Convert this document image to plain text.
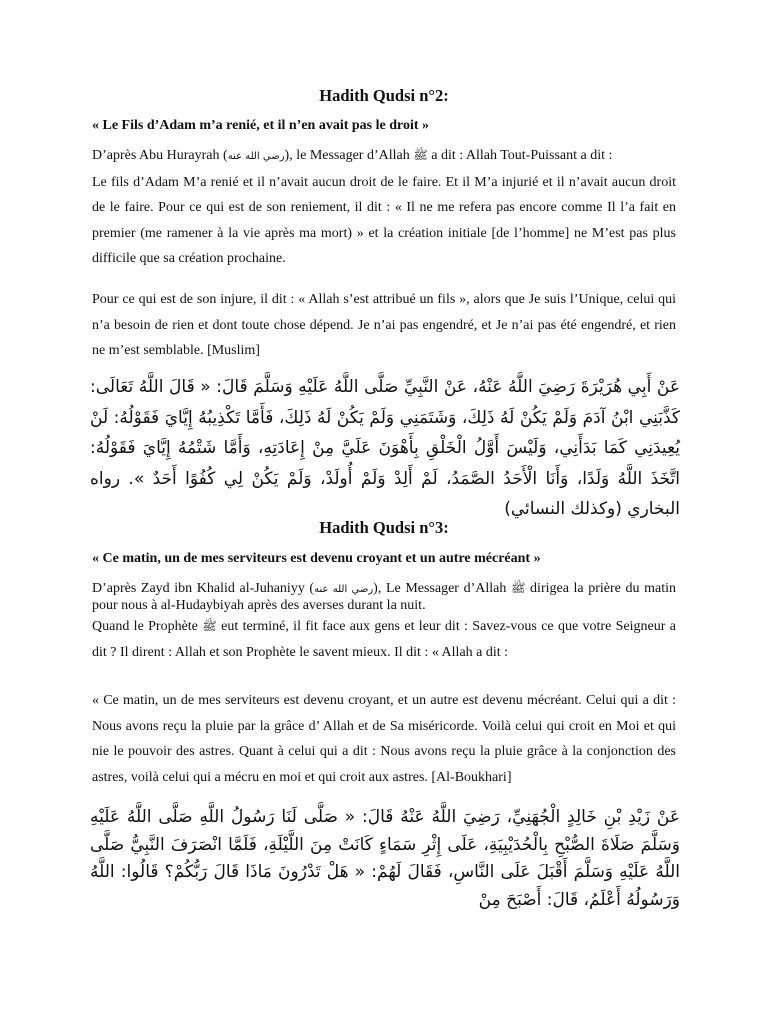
Hadith Qudsi n°2:
« Le Fils d’Adam m’a renié, et il n’en avait pas le droit »
D’après Abu Hurayrah (رضي الله عنه), le Messager d’Allah ﷺ a dit : Allah Tout-Puissant a dit :
Le fils d’Adam M’a renié et il n’avait aucun droit de le faire. Et il M’a injurié et il n’avait aucun droit de le faire. Pour ce qui est de son reniement, il dit : « Il ne me refera pas encore comme Il l’a fait en premier (me ramener à la vie après ma mort) » et la création initiale [de l’homme] ne M’est pas plus difficile que sa création prochaine.
Pour ce qui est de son injure, il dit : « Allah s’est attribué un fils », alors que Je suis l’Unique, celui qui n’a besoin de rien et dont toute chose dépend. Je n’ai pas engendré, et Je n’ai pas été engendré, et rien ne m’est semblable. [Muslim]
عَنْ أَبِي هُرَيْرَةَ رَضِيَ اللَّهُ عَنْهُ، عَنْ النَّبِيِّ صَلَّى اللَّهُ عَلَيْهِ وَسَلَّمَ قَالَ: « قَالَ اللَّهُ تَعَالَى: كَذَّبَنِي ابْنُ آدَمَ وَلَمْ يَكُنْ لَهُ ذَلِكَ، وَشَتَمَنِي وَلَمْ يَكُنْ لَهُ ذَلِكَ، فَأَمَّا تَكْذِيبُهُ إِيَّايَ فَقَوْلُهُ: لَنْ يُعِيدَنِي كَمَا بَدَأَنِي، وَلَيْسَ أَوَّلُ الْخَلْقِ بِأَهْوَنَ عَلَيَّ مِنْ إِعَادَتِهِ، وَأَمَّا شَتْمُهُ إِيَّايَ فَقَوْلُهُ: اتَّخَذَ اللَّهُ وَلَدًا، وَأَنَا الْأَحَدُ الصَّمَدُ، لَمْ أَلِدْ وَلَمْ أُولَدْ، وَلَمْ يَكُنْ لِي كُفُوًا أَحَدٌ ». رواه البخاري (وكذلك النسائي)
Hadith Qudsi n°3:
« Ce matin, un de mes serviteurs est devenu croyant et un autre mécréant »
D’après Zayd ibn Khalid al-Juhaniyy (رضي الله عنه), Le Messager d’Allah ﷺ dirigea la prière du matin pour nous à al-Hudaybiyah après des averses durant la nuit.
Quand le Prophète ﷺ eut terminé, il fit face aux gens et leur dit : Savez-vous ce que votre Seigneur a dit ? Il dirent : Allah et son Prophète le savent mieux. Il dit : « Allah a dit :
« Ce matin, un de mes serviteurs est devenu croyant, et un autre est devenu mécréant. Celui qui a dit : Nous avons reçu la pluie par la grâce d’ Allah et de Sa miséricorde. Voilà celui qui croit en Moi et qui nie le pouvoir des astres. Quant à celui qui a dit : Nous avons reçu la pluie grâce à la conjonction des astres, voilà celui qui a mécru en moi et qui croit aux astres. [Al-Boukhari]
عَنْ زَيْدِ بْنِ خَالِدٍ الْجُهَنِيِّ، رَضِيَ اللَّهُ عَنْهُ قَالَ: « صَلَّى لَنَا رَسُولُ اللَّهِ صَلَّى اللَّهُ عَلَيْهِ وَسَلَّمَ صَلَاةَ الصُّبْحِ بِالْحُدَيْبِيَةِ، عَلَى إِثْرِ سَمَاءٍ كَانَتْ مِنَ اللَّيْلَةِ، فَلَمَّا انْصَرَفَ النَّبِيُّ صَلَّى اللَّهُ عَلَيْهِ وَسَلَّمَ أَقْبَلَ عَلَى النَّاسِ، فَقَالَ لَهُمْ: « هَلْ تَدْرُونَ مَاذَا قَالَ رَبُّكُمْ؟ قَالُوا: اللَّهُ وَرَسُولُهُ أَعْلَمُ، قَالَ: أَصْبَحَ مِنْ
